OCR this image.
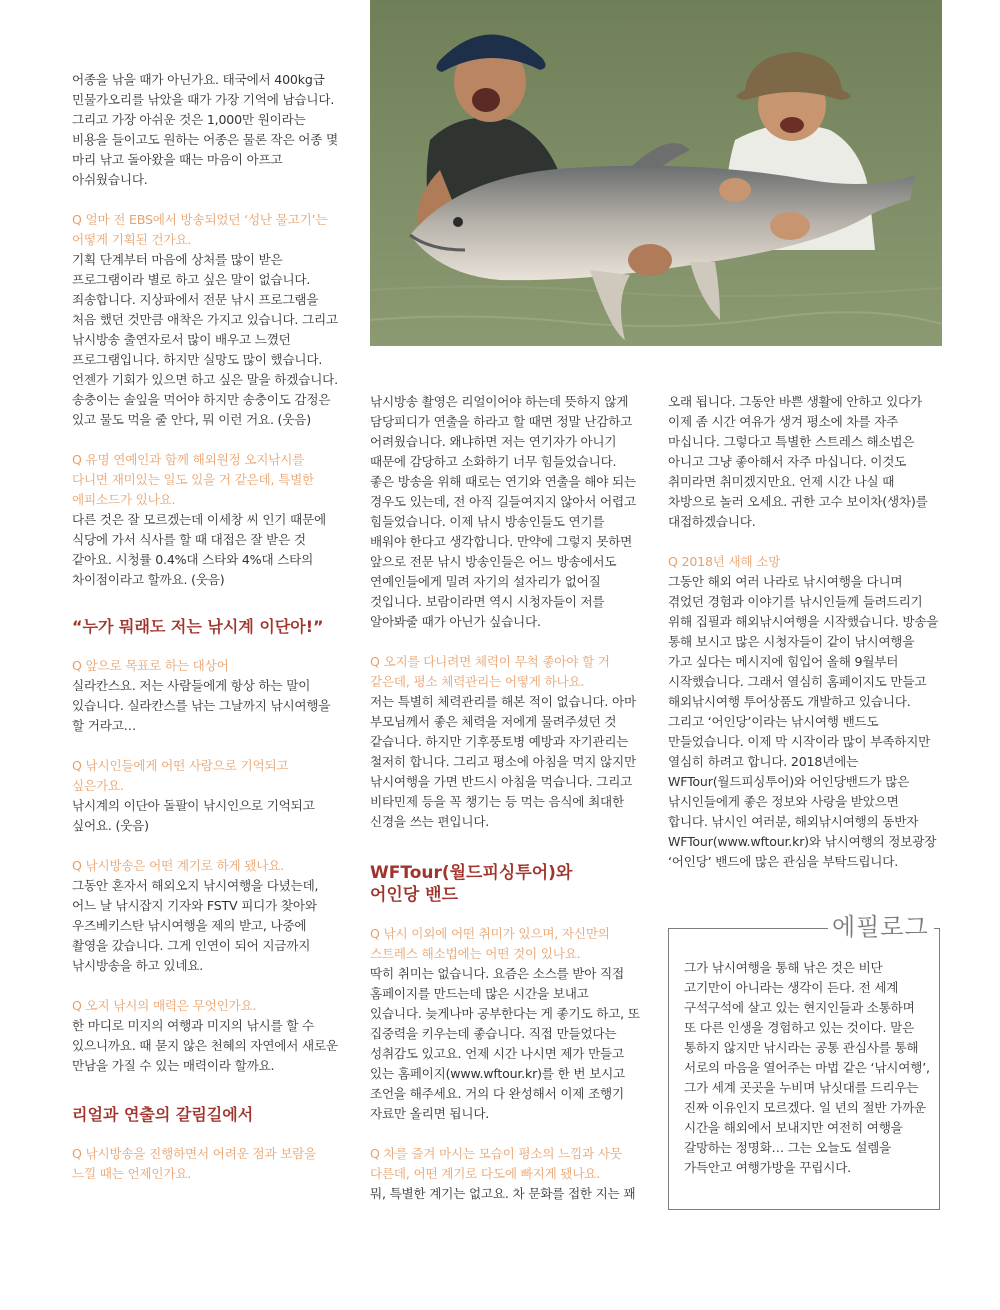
어종을 낚을 때가 아닌가요. 태국에서 400kg급 민물가오리를 낚았을 때가 가장 기억에 남습니다. 그리고 가장 아쉬운 것은 1,000만 원이라는 비용을 들이고도 원하는 어종은 물론 작은 어종 몇 마리 낚고 돌아왔을 때는 마음이 아프고 아쉬웠습니다.

Q 얼마 전 EBS에서 방송되었던 ‘성난 물고기’는 어떻게 기획된 건가요.

기획 단계부터 마음에 상처를 많이 받은 프로그램이라 별로 하고 싶은 말이 없습니다. 죄송합니다. 지상파에서 전문 낚시 프로그램을 처음 했던 것만큼 애착은 가지고 있습니다. 그리고 낚시방송 출연자로서 많이 배우고 느꼈던 프로그램입니다. 하지만 실망도 많이 했습니다. 언젠가 기회가 있으면 하고 싶은 말을 하겠습니다. 송충이는 솔잎을 먹어야 하지만 송충이도 감정은 있고 물도 먹을 줄 안다, 뭐 이런 거요. (웃음)

Q 유명 연예인과 함께 해외원정 오지낚시를 다니면 재미있는 일도 있을 거 같은데, 특별한 에피소드가 있나요.

다른 것은 잘 모르겠는데 이세창 씨 인기 때문에 식당에 가서 식사를 할 때 대접은 잘 받은 것 같아요. 시청률 0.4%대 스타와 4%대 스타의 차이점이라고 할까요. (웃음)

“누가 뭐래도 저는 낚시계 이단아!”

Q 앞으로 목표로 하는 대상어

실라칸스요. 저는 사람들에게 항상 하는 말이 있습니다. 실라칸스를 낚는 그날까지 낚시여행을 할 거라고…

Q 낚시인들에게 어떤 사람으로 기억되고 싶은가요.

낚시계의 이단아 돌팔이 낚시인으로 기억되고 싶어요. (웃음)

Q 낚시방송은 어떤 계기로 하게 됐나요.

그동안 혼자서 해외오지 낚시여행을 다녔는데, 어느 날 낚시잡지 기자와 FSTV 피디가 찾아와 우즈베키스탄 낚시여행을 제의 받고, 나중에 촬영을 갔습니다. 그게 인연이 되어 지금까지 낚시방송을 하고 있네요.

Q 오지 낚시의 매력은 무엇인가요.

한 마디로 미지의 여행과 미지의 낚시를 할 수 있으니까요. 때 묻지 않은 천혜의 자연에서 새로운 만남을 가질 수 있는 매력이라 할까요.

리얼과 연출의 갈림길에서

Q 낚시방송을 진행하면서 어려운 점과 보람을 느낄 때는 언제인가요.

낚시방송 촬영은 리얼이어야 하는데 뜻하지 않게 담당피디가 연출을 하라고 할 때면 정말 난감하고 어려웠습니다. 왜냐하면 저는 연기자가 아니기 때문에 감당하고 소화하기 너무 힘들었습니다. 좋은 방송을 위해 때로는 연기와 연출을 해야 되는 경우도 있는데, 전 아직 길들여지지 않아서 어렵고 힘들었습니다. 이제 낚시 방송인들도 연기를 배워야 한다고 생각합니다. 만약에 그렇지 못하면 앞으로 전문 낚시 방송인들은 어느 방송에서도 연예인들에게 밀려 자기의 설자리가 없어질 것입니다. 보람이라면 역시 시청자들이 저를 알아봐줄 때가 아닌가 싶습니다.

Q 오지를 다니려면 체력이 무척 좋아야 할 거 같은데, 평소 체력관리는 어떻게 하나요.

저는 특별히 체력관리를 해본 적이 없습니다. 아마 부모님께서 좋은 체력을 저에게 물려주셨던 것 같습니다. 하지만 기후풍토병 예방과 자기관리는 철저히 합니다. 그리고 평소에 아침을 먹지 않지만 낚시여행을 가면 반드시 아침을 먹습니다. 그리고 비타민제 등을 꼭 챙기는 등 먹는 음식에 최대한 신경을 쓰는 편입니다.

WFTour(월드피싱투어)와 어인당 밴드

Q 낚시 이외에 어떤 취미가 있으며, 자신만의 스트레스 해소법에는 어떤 것이 있나요.

딱히 취미는 없습니다. 요즘은 소스를 받아 직접 홈페이지를 만드는데 많은 시간을 보내고 있습니다. 늦게나마 공부한다는 게 좋기도 하고, 또 집중력을 키우는데 좋습니다. 직접 만들었다는 성취감도 있고요. 언제 시간 나시면 제가 만들고 있는 홈페이지(www.wftour.kr)를 한 번 보시고 조언을 해주세요. 거의 다 완성해서 이제 조행기 자료만 올리면 됩니다.

Q 차를 즐겨 마시는 모습이 평소의 느낌과 사뭇 다른데, 어떤 계기로 다도에 빠지게 됐나요.

뭐, 특별한 계기는 없고요. 차 문화를 접한 지는 꽤

오래 됩니다. 그동안 바쁜 생활에 안하고 있다가 이제 좀 시간 여유가 생겨 평소에 차를 자주 마십니다. 그렇다고 특별한 스트레스 해소법은 아니고 그냥 좋아해서 자주 마십니다. 이것도 취미라면 취미겠지만요. 언제 시간 나실 때 차방으로 놀러 오세요. 귀한 고수 보이차(생차)를 대접하겠습니다.

Q 2018년 새해 소망

그동안 해외 여러 나라로 낚시여행을 다니며 겪었던 경험과 이야기를 낚시인들께 들려드리기 위해 집필과 해외낚시여행을 시작했습니다. 방송을 통해 보시고 많은 시청자들이 같이 낚시여행을 가고 싶다는 메시지에 힘입어 올해 9월부터 시작했습니다. 그래서 열심히 홈페이지도 만들고 해외낚시여행 투어상품도 개발하고 있습니다. 그리고 ‘어인당’이라는 낚시여행 밴드도 만들었습니다. 이제 막 시작이라 많이 부족하지만 열심히 하려고 합니다. 2018년에는 WFTour(월드피싱투어)와 어인당밴드가 많은 낚시인들에게 좋은 정보와 사랑을 받았으면 합니다. 낚시인 여러분, 해외낚시여행의 동반자 WFTour(www.wftour.kr)와 낚시여행의 정보광장 ‘어인당’ 밴드에 많은 관심을 부탁드립니다.

에필로그

그가 낚시여행을 통해 낚은 것은 비단 고기만이 아니라는 생각이 든다. 전 세계 구석구석에 살고 있는 현지인들과 소통하며 또 다른 인생을 경험하고 있는 것이다. 말은 통하지 않지만 낚시라는 공통 관심사를 통해 서로의 마음을 열어주는 마법 같은 ‘낚시여행’, 그가 세계 곳곳을 누비며 낚싯대를 드리우는 진짜 이유인지 모르겠다. 일 년의 절반 가까운 시간을 해외에서 보내지만 여전히 여행을 갈망하는 정명화… 그는 오늘도 설렘을 가득안고 여행가방을 꾸립시다.
